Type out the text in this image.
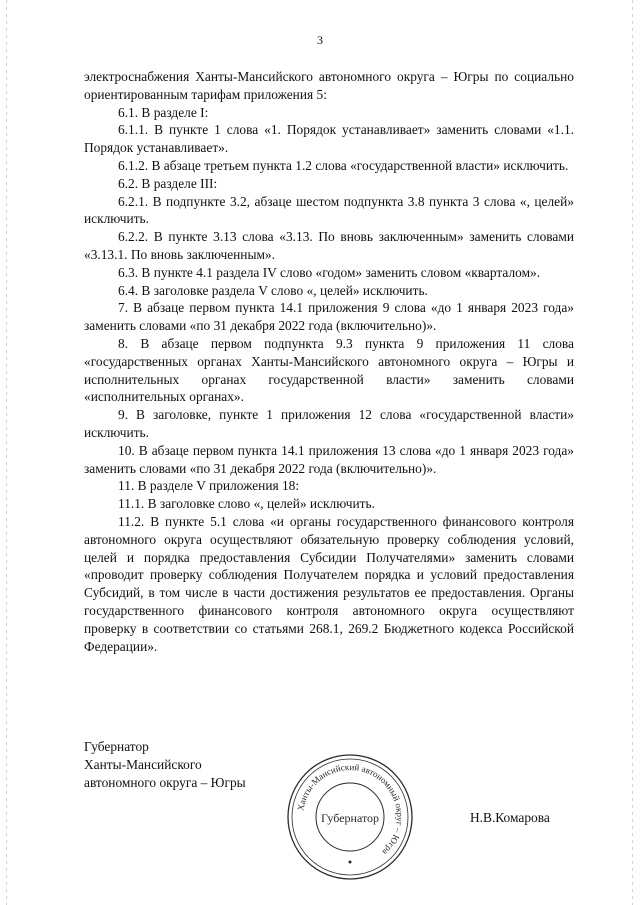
3

электроснабжения Ханты-Мансийского автономного округа – Югры по социально ориентированным тарифам приложения 5:

6.1. В разделе I:

6.1.1. В пункте 1 слова «1. Порядок устанавливает» заменить словами «1.1. Порядок устанавливает».

6.1.2. В абзаце третьем пункта 1.2 слова «государственной власти» исключить.

6.2. В разделе III:

6.2.1. В подпункте 3.2, абзаце шестом подпункта 3.8 пункта 3 слова «, целей» исключить.

6.2.2. В пункте 3.13 слова «3.13. По вновь заключенным» заменить словами «3.13.1. По вновь заключенным».

6.3. В пункте 4.1 раздела IV слово «годом» заменить словом «кварталом».

6.4. В заголовке раздела V слово «, целей» исключить.

7. В абзаце первом пункта 14.1 приложения 9 слова «до 1 января 2023 года» заменить словами «по 31 декабря 2022 года (включительно)».

8. В абзаце первом подпункта 9.3 пункта 9 приложения 11 слова «государственных органах Ханты-Мансийского автономного округа – Югры и исполнительных органах государственной власти» заменить словами «исполнительных органах».

9. В заголовке, пункте 1 приложения 12 слова «государственной власти» исключить.

10. В абзаце первом пункта 14.1 приложения 13 слова «до 1 января 2023 года» заменить словами «по 31 декабря 2022 года (включительно)».

11. В разделе V приложения 18:

11.1. В заголовке слово «, целей» исключить.

11.2. В пункте 5.1 слова «и органы государственного финансового контроля автономного округа осуществляют обязательную проверку соблюдения условий, целей и порядка предоставления Субсидии Получателями» заменить словами «проводит проверку соблюдения Получателем порядка и условий предоставления Субсидий, в том числе в части достижения результатов ее предоставления. Органы государственного финансового контроля автономного округа осуществляют проверку в соответствии со статьями 268.1, 269.2 Бюджетного кодекса Российской Федерации».

Губернатор
Ханты-Мансийского
автономного округа – Югры
Ханты-Мансийский автономный округ – Югра
Губернатор	Н.В.Комарова
